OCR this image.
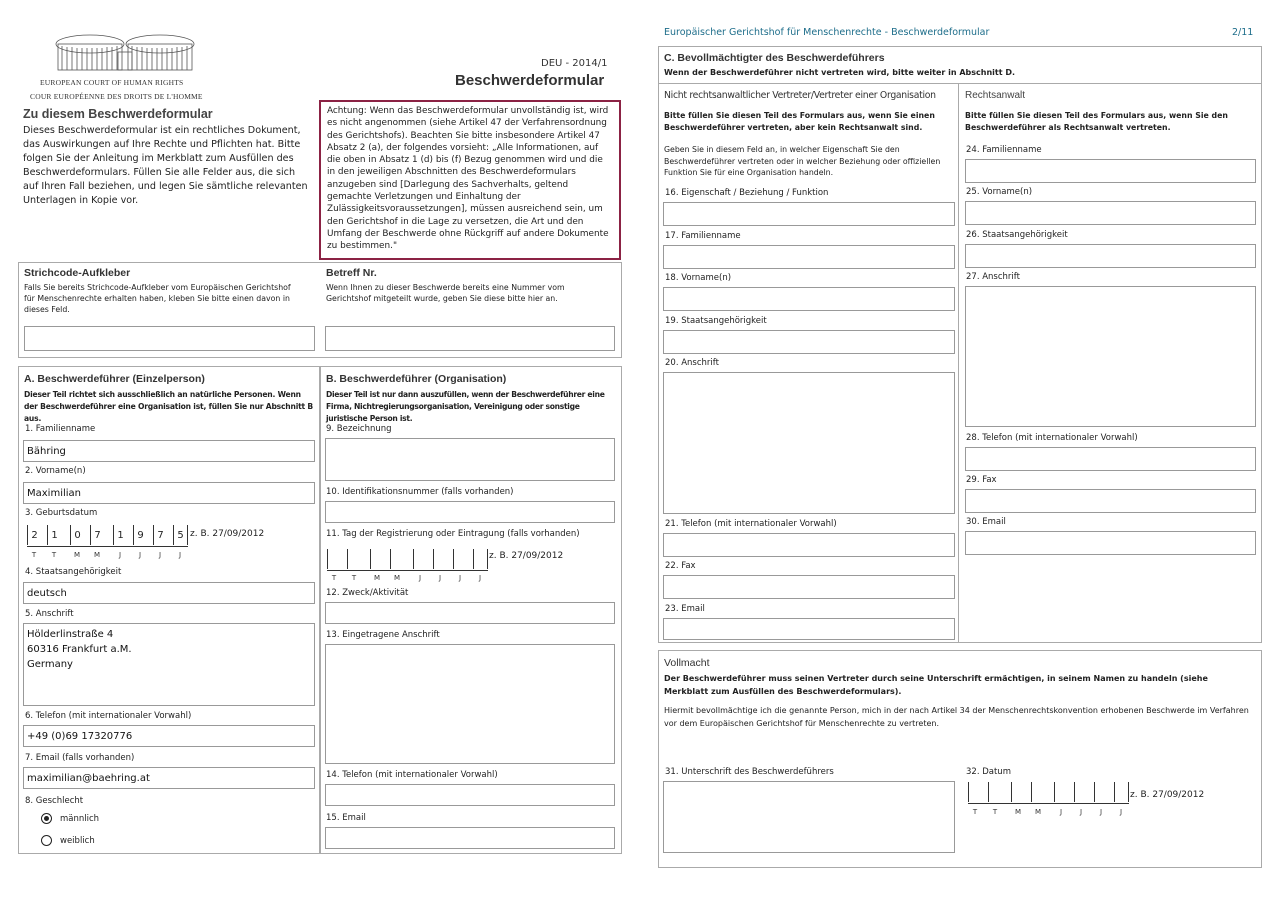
EUROPEAN COURT OF HUMAN RIGHTS
COUR EUROPÉENNE DES DROITS DE L'HOMME
DEU - 2014/1
Beschwerdeformular
Zu diesem Beschwerdeformular
Dieses Beschwerdeformular ist ein rechtliches Dokument, das Auswirkungen auf Ihre Rechte und Pflichten hat. Bitte folgen Sie der Anleitung im Merkblatt zum Ausfüllen des Beschwerdeformulars. Füllen Sie alle Felder aus, die sich auf Ihren Fall beziehen, und legen Sie sämtliche relevanten Unterlagen in Kopie vor.
Achtung: Wenn das Beschwerdeformular unvollständig ist, wird es nicht angenommen (siehe Artikel 47 der Verfahrensordnung des Gerichtshofs). Beachten Sie bitte insbesondere Artikel 47 Absatz 2 (a), der folgendes vorsieht: „Alle Informationen, auf die oben in Absatz 1 (d) bis (f) Bezug genommen wird und die in den jeweiligen Abschnitten des Beschwerdeformulars anzugeben sind [Darlegung des Sachverhalts, geltend gemachte Verletzungen und Einhaltung der Zulässigkeitsvoraussetzungen], müssen ausreichend sein, um den Gerichtshof in die Lage zu versetzen, die Art und den Umfang der Beschwerde ohne Rückgriff auf andere Dokumente zu bestimmen."
Strichcode-Aufkleber
Falls Sie bereits Strichcode-Aufkleber vom Europäischen Gerichtshof für Menschenrechte erhalten haben, kleben Sie bitte einen davon in dieses Feld.
Betreff Nr.
Wenn Ihnen zu dieser Beschwerde bereits eine Nummer vom Gerichtshof mitgeteilt wurde, geben Sie diese bitte hier an.
A. Beschwerdeführer (Einzelperson)
Dieser Teil richtet sich ausschließlich an natürliche Personen. Wenn der Beschwerdeführer eine Organisation ist, füllen Sie nur Abschnitt B aus.
1. Familienname
Bähring
2. Vorname(n)
Maximilian
3. Geburtsdatum
2	1	0	7	1	9	7	5 z. B. 27/09/2012
T	T	M	M	J	J	J	J
4. Staatsangehörigkeit
deutsch
5. Anschrift
Hölderlinstraße 4
60316 Frankfurt a.M.
Germany
6. Telefon (mit internationaler Vorwahl)
+49 (0)69 17320776
7. Email (falls vorhanden)
maximilian@baehring.at
8. Geschlecht
männlich
weiblich
B. Beschwerdeführer (Organisation)
Dieser Teil ist nur dann auszufüllen, wenn der Beschwerdeführer eine Firma, Nichtregierungsorganisation, Vereinigung oder sonstige juristische Person ist.
9. Bezeichnung
10. Identifikationsnummer (falls vorhanden)
11. Tag der Registrierung oder Eintragung (falls vorhanden)
z. B. 27/09/2012
T	T	M	M	J	J	J	J
12. Zweck/Aktivität
13. Eingetragene Anschrift
14. Telefon (mit internationaler Vorwahl)
15. Email
Europäischer Gerichtshof für Menschenrechte - Beschwerdeformular	2/11
C. Bevollmächtigter des Beschwerdeführers
Wenn der Beschwerdeführer nicht vertreten wird, bitte weiter in Abschnitt D.
Nicht rechtsanwaltlicher Vertreter/Vertreter einer Organisation
Bitte füllen Sie diesen Teil des Formulars aus, wenn Sie einen Beschwerdeführer vertreten, aber kein Rechtsanwalt sind.
Geben Sie in diesem Feld an, in welcher Eigenschaft Sie den Beschwerdeführer vertreten oder in welcher Beziehung oder offiziellen Funktion Sie für eine Organisation handeln.
16. Eigenschaft / Beziehung / Funktion
17. Familienname
18. Vorname(n)
19. Staatsangehörigkeit
20. Anschrift
21. Telefon (mit internationaler Vorwahl)
22. Fax
23. Email
Rechtsanwalt
Bitte füllen Sie diesen Teil des Formulars aus, wenn Sie den Beschwerdeführer als Rechtsanwalt vertreten.
24. Familienname
25. Vorname(n)
26. Staatsangehörigkeit
27. Anschrift
28. Telefon (mit internationaler Vorwahl)
29. Fax
30. Email
Vollmacht
Der Beschwerdeführer muss seinen Vertreter durch seine Unterschrift ermächtigen, in seinem Namen zu handeln (siehe Merkblatt zum Ausfüllen des Beschwerdeformulars).
Hiermit bevollmächtige ich die genannte Person, mich in der nach Artikel 34 der Menschenrechtskonvention erhobenen Beschwerde im Verfahren vor dem Europäischen Gerichtshof für Menschenrechte zu vertreten.
31. Unterschrift des Beschwerdeführers	32. Datum
z. B. 27/09/2012
T	T	M	M	J	J	J	J
